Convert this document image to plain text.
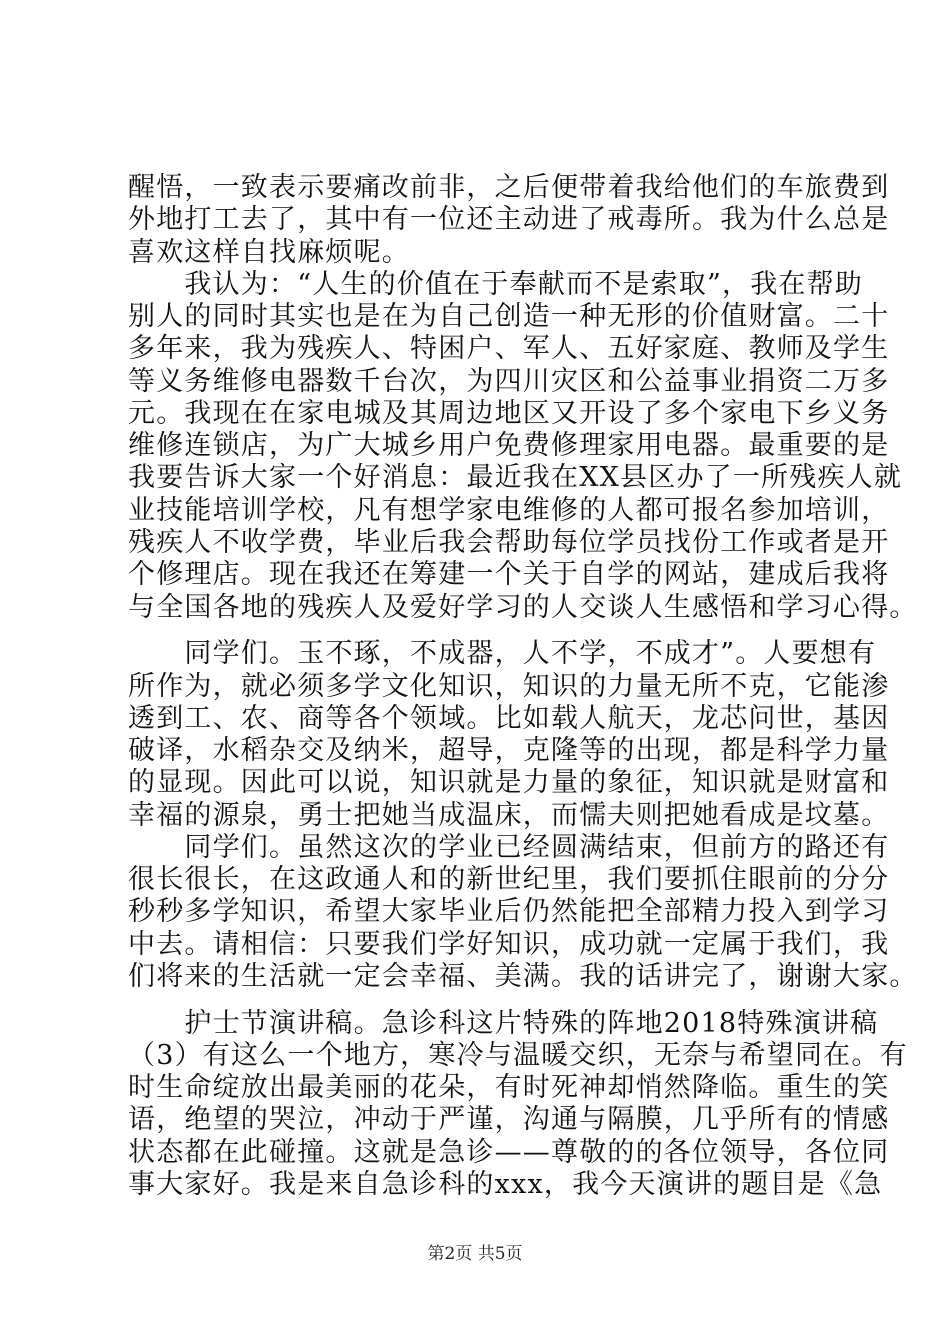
醒悟，一致表示要痛改前非，之后便带着我给他们的车旅费到
外地打工去了，其中有一位还主动进了戒毒所。我为什么总是
喜欢这样自找麻烦呢。
　　我认为：“人生的价值在于奉献而不是索取”，我在帮助
别人的同时其实也是在为自己创造一种无形的价值财富。二十
多年来，我为残疾人、特困户、军人、五好家庭、教师及学生
等义务维修电器数千台次，为四川灾区和公益事业捐资二万多
元。我现在在家电城及其周边地区又开设了多个家电下乡义务
维修连锁店，为广大城乡用户免费修理家用电器。最重要的是
我要告诉大家一个好消息：最近我在XX县区办了一所残疾人就
业技能培训学校，凡有想学家电维修的人都可报名参加培训，
残疾人不收学费，毕业后我会帮助每位学员找份工作或者是开
个修理店。现在我还在筹建一个关于自学的网站，建成后我将
与全国各地的残疾人及爱好学习的人交谈人生感悟和学习心得。
　　同学们。玉不琢，不成器，人不学，不成才”。人要想有
所作为，就必须多学文化知识，知识的力量无所不克，它能渗
透到工、农、商等各个领域。比如载人航天，龙芯问世，基因
破译，水稻杂交及纳米，超导，克隆等的出现，都是科学力量
的显现。因此可以说，知识就是力量的象征，知识就是财富和
幸福的源泉，勇士把她当成温床，而懦夫则把她看成是坟墓。
　　同学们。虽然这次的学业已经圆满结束，但前方的路还有
很长很长，在这政通人和的新世纪里，我们要抓住眼前的分分
秒秒多学知识，希望大家毕业后仍然能把全部精力投入到学习
中去。请相信：只要我们学好知识，成功就一定属于我们，我
们将来的生活就一定会幸福、美满。我的话讲完了，谢谢大家。
　　护士节演讲稿。急诊科这片特殊的阵地2018特殊演讲稿
（3）有这么一个地方，寒冷与温暖交织，无奈与希望同在。有
时生命绽放出最美丽的花朵，有时死神却悄然降临。重生的笑
语，绝望的哭泣，冲动于严谨，沟通与隔膜，几乎所有的情感
状态都在此碰撞。这就是急诊——尊敬的的各位领导，各位同
事大家好。我是来自急诊科的xxx，我今天演讲的题目是《急
第2页 共5页
